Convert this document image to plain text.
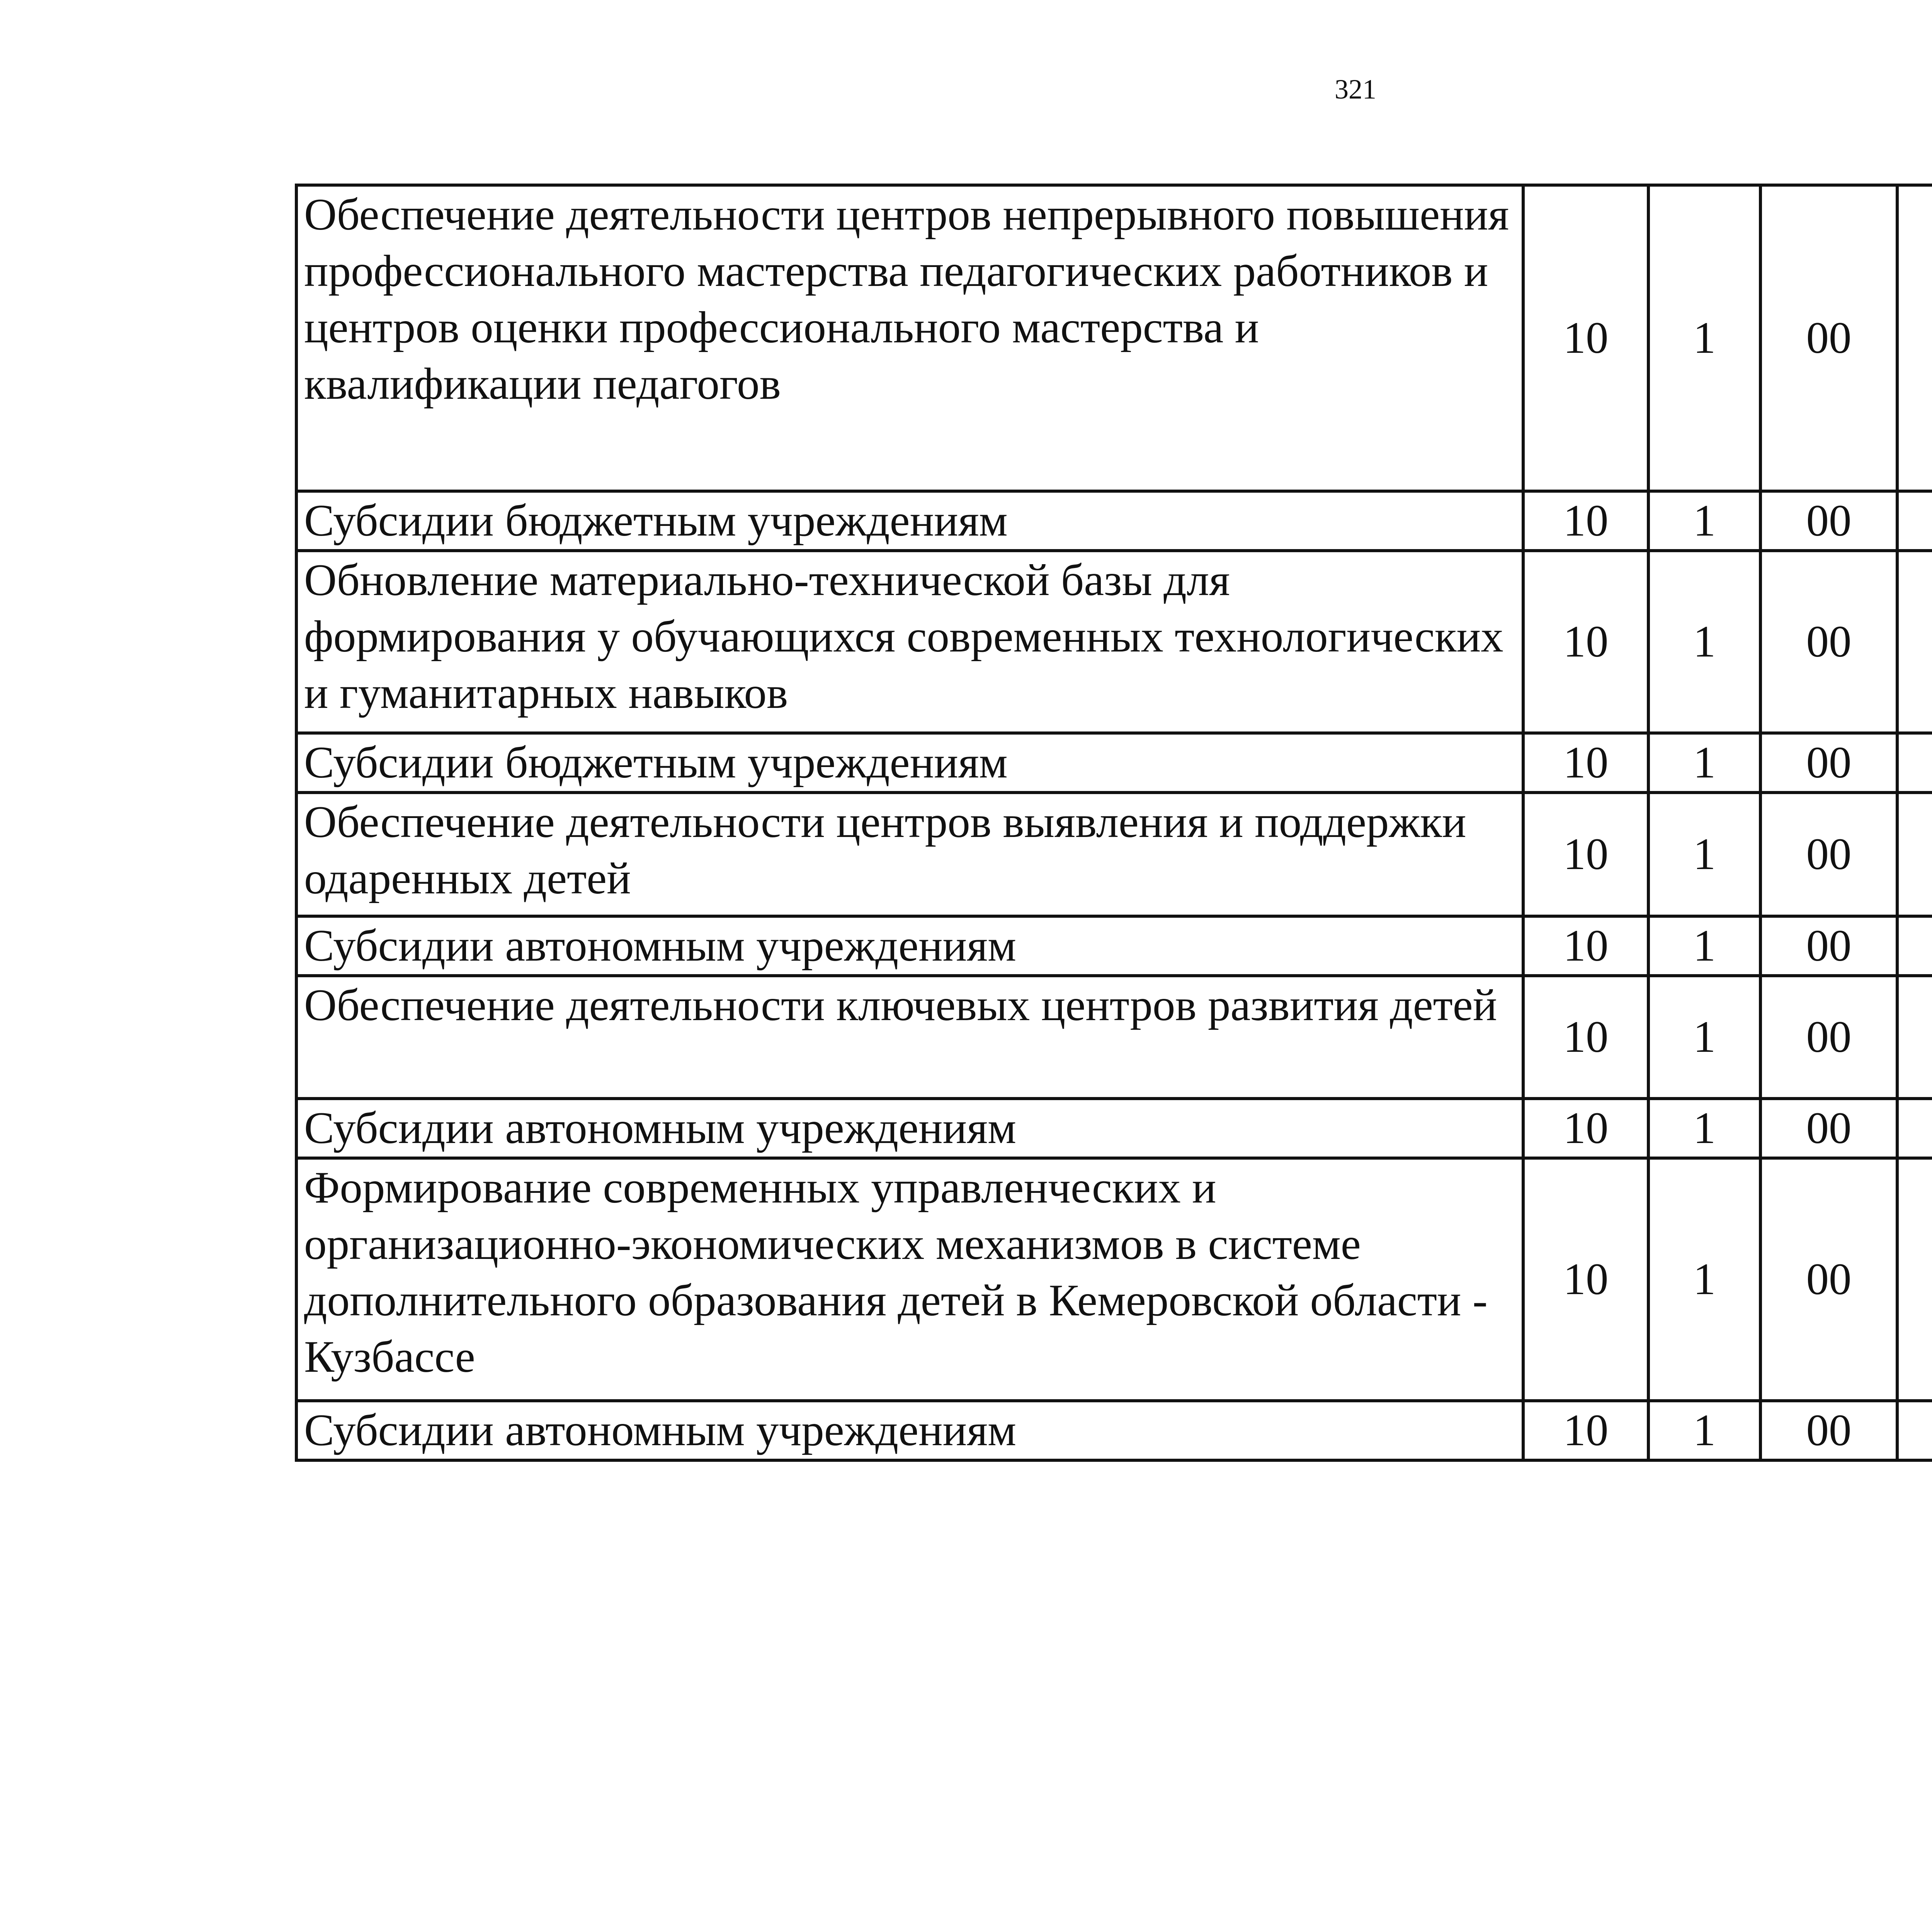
321
Обеспечение деятельности центров непрерывного повышения профессионального мастерства педагогических работников и центров оценки профессионального мастерства и квалификации педагогов	10	1	00			
Субсидии бюджетным учреждениям	10	1	00			
Обновление материально-технической базы для формирования у обучающихся современных технологических и гуманитарных навыков	10	1	00			
Субсидии бюджетным учреждениям	10	1	00			
Обеспечение деятельности центров выявления и поддержки одаренных детей	10	1	00			
Субсидии автономным учреждениям	10	1	00			
Обеспечение деятельности ключевых центров развития детей	10	1	00			
Субсидии автономным учреждениям	10	1	00			
Формирование современных управленческих и организационно-экономических механизмов в системе дополнительного образования детей в Кемеровской области - Кузбассе	10	1	00			
Субсидии автономным учреждениям	10	1	00			
